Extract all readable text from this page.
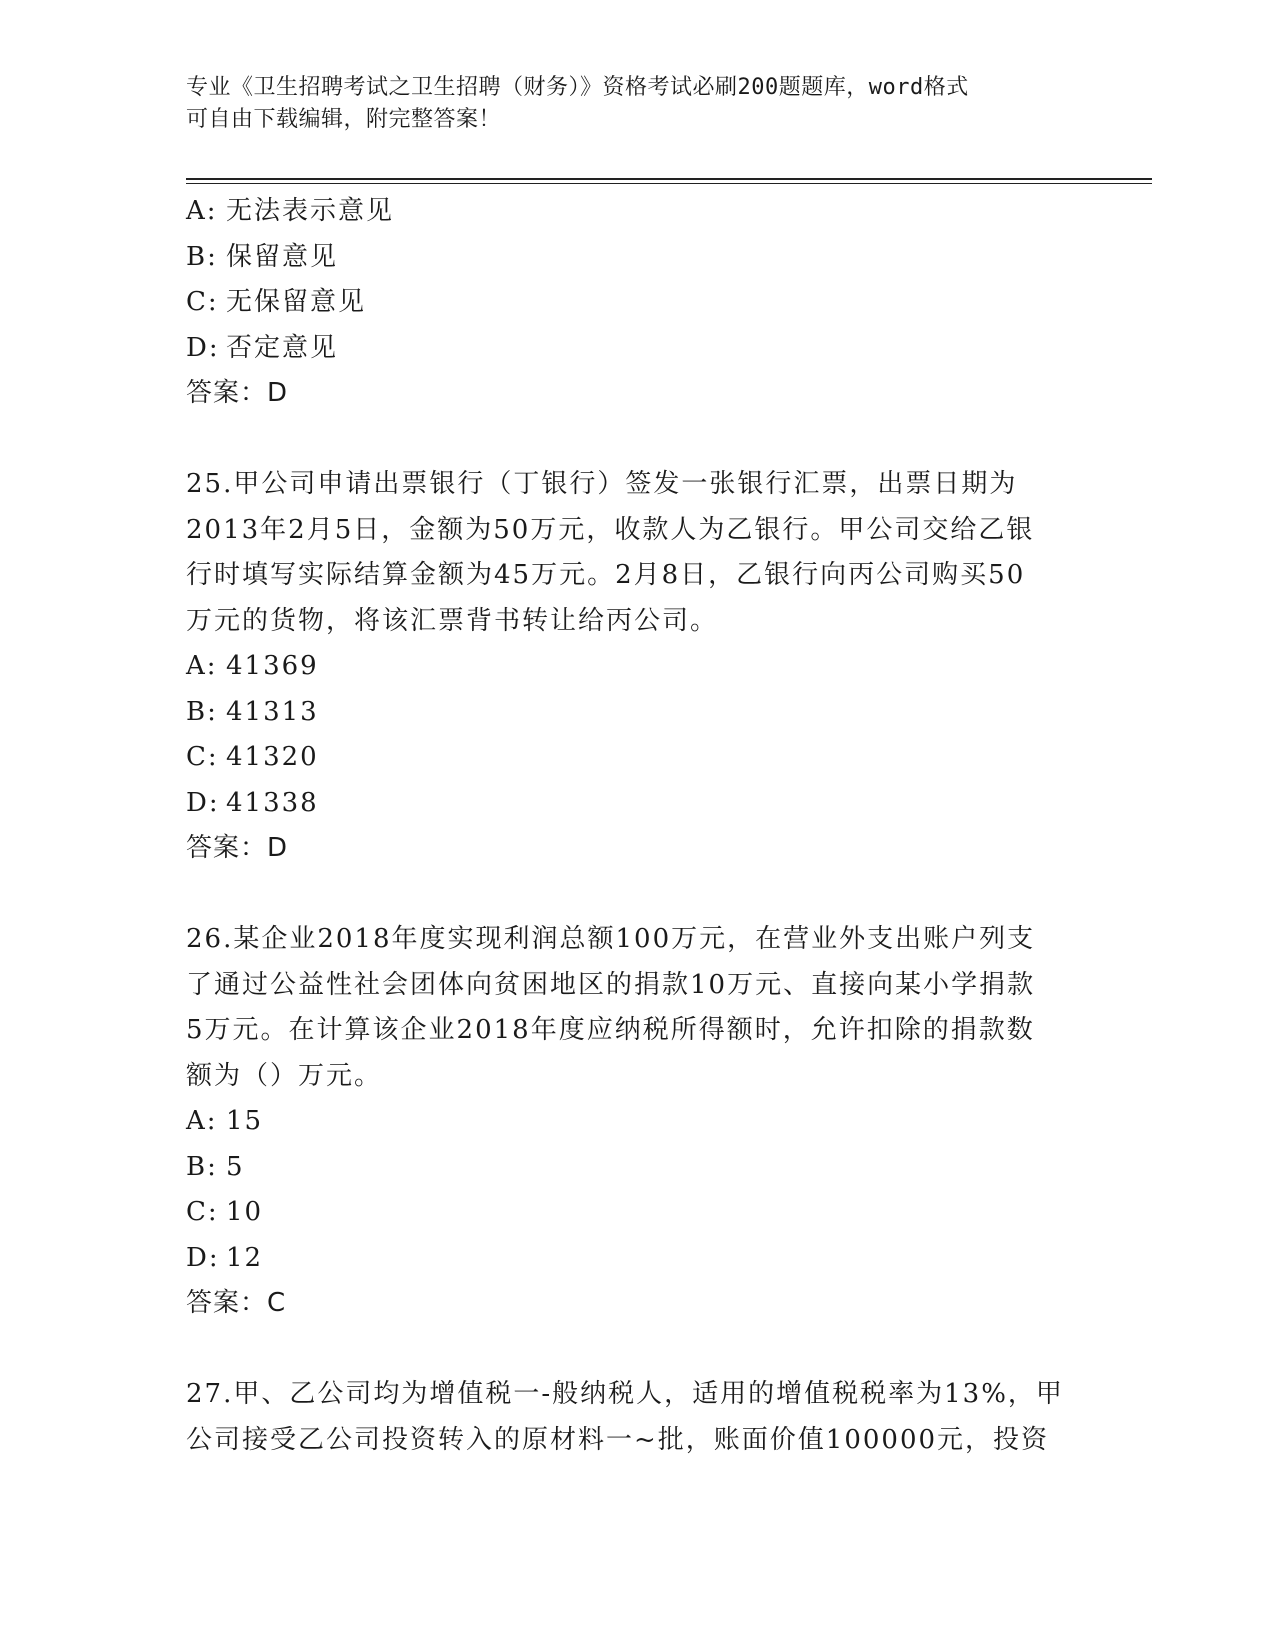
专业《卫生招聘考试之卫生招聘（财务）》资格考试必刷200题题库，word格式
可自由下载编辑，附完整答案！
A: 无法表示意见
B: 保留意见
C: 无保留意见
D: 否定意见
答案：D
25.甲公司申请出票银行（丁银行）签发一张银行汇票，出票日期为
2013年2月5日，金额为50万元，收款人为乙银行。甲公司交给乙银
行时填写实际结算金额为45万元。2月8日，乙银行向丙公司购买50
万元的货物，将该汇票背书转让给丙公司。
A: 41369
B: 41313
C: 41320
D: 41338
答案：D
26.某企业2018年度实现利润总额100万元，在营业外支出账户列支
了通过公益性社会团体向贫困地区的捐款10万元、直接向某小学捐款
5万元。在计算该企业2018年度应纳税所得额时，允许扣除的捐款数
额为（）万元。
A: 15
B: 5
C: 10
D: 12
答案：C
27.甲、乙公司均为增值税一-般纳税人，适用的增值税税率为13%，甲
公司接受乙公司投资转入的原材料一~批，账面价值100000元，投资
